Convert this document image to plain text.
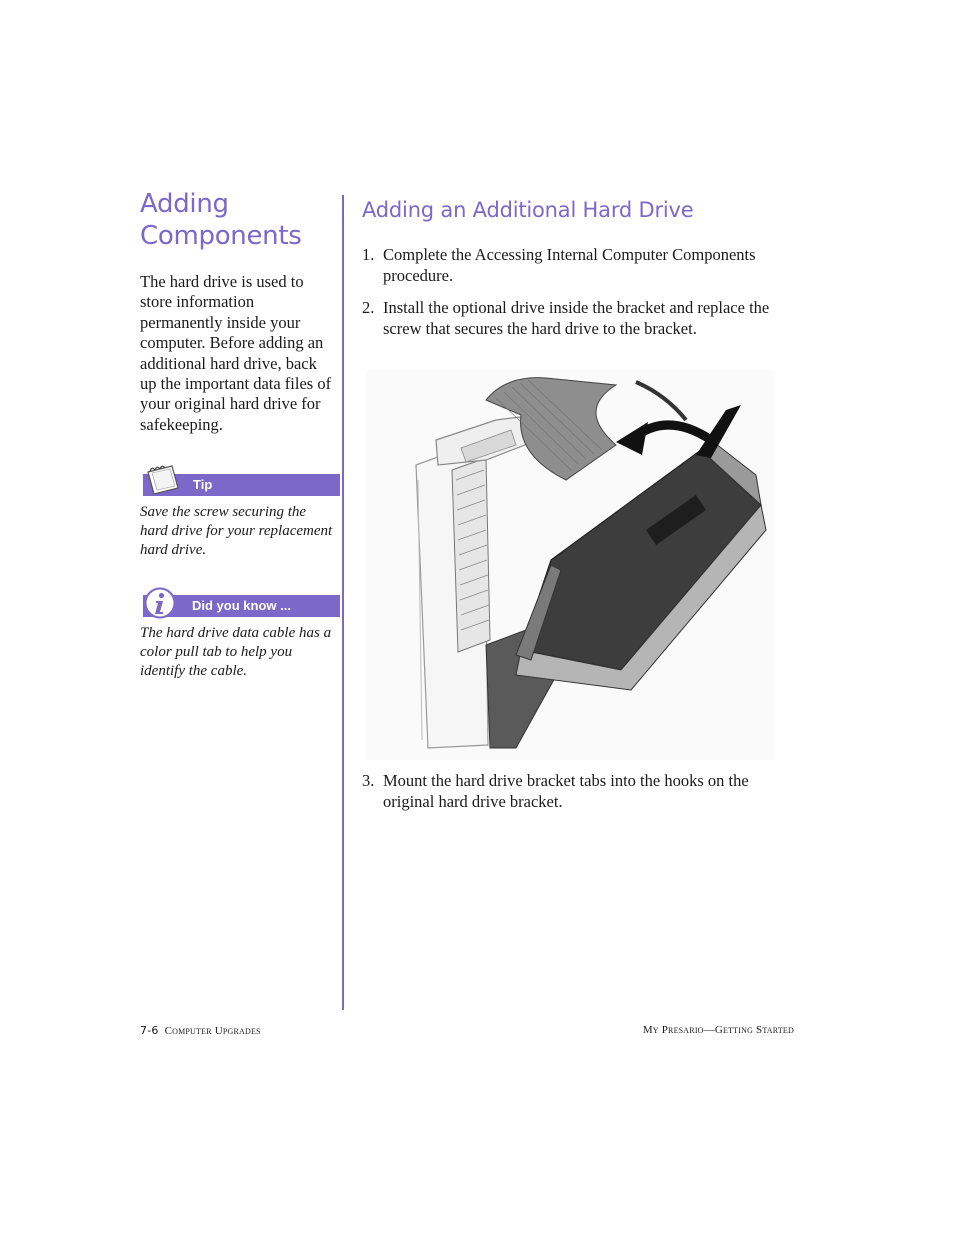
Adding
Components

The hard drive is used to store information permanently inside your computer. Before adding an additional hard drive, back up the important data files of your original hard drive for safekeeping.

Tip

Save the screw securing the hard drive for your replacement hard drive.

Did you know ...

The hard drive data cable has a color pull tab to help you identify the cable.

Adding an Additional Hard Drive

1. Complete the Accessing Internal Computer Components procedure.

2. Install the optional drive inside the bracket and replace the screw that secures the hard drive to the bracket.

3. Mount the hard drive bracket tabs into the hooks on the original hard drive bracket.

7-6 Computer Upgrades	My Presario—Getting Started
